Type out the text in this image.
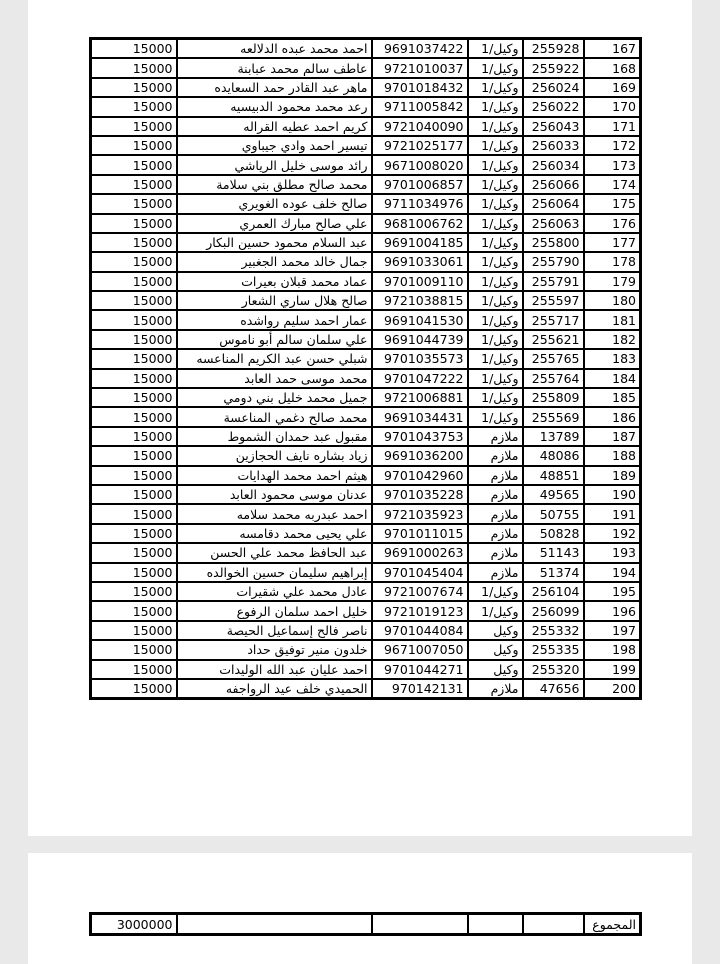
15000	احمد محمد عبده الدلالعه	9691037422	وكيل/1	255928	167
15000	عاطف سالم محمد عبابنة	9721010037	وكيل/1	255922	168
15000	ماهر عبد القادر حمد السعايده	9701018432	وكيل/1	256024	169
15000	رعد محمد محمود الدبيسيه	9711005842	وكيل/1	256022	170
15000	كريم احمد عطيه القراله	9721040090	وكيل/1	256043	171
15000	تيسير احمد وادي جيباوي	9721025177	وكيل/1	256033	172
15000	رائد موسى خليل الرياشي	9671008020	وكيل/1	256034	173
15000	محمد صالح مطلق بني سلامة	9701006857	وكيل/1	256066	174
15000	صالح خلف عوده الغويري	9711034976	وكيل/1	256064	175
15000	علي صالح مبارك العمري	9681006762	وكيل/1	256063	176
15000	عبد السلام محمود حسين البكار	9691004185	وكيل/1	255800	177
15000	جمال خالد محمد الجغبير	9691033061	وكيل/1	255790	178
15000	عماد محمد قبلان بعيرات	9701009110	وكيل/1	255791	179
15000	صالح هلال ساري الشعار	9721038815	وكيل/1	255597	180
15000	عمار احمد سليم رواشده	9691041530	وكيل/1	255717	181
15000	علي سلمان سالم أبو ناموس	9691044739	وكيل/1	255621	182
15000	شبلي حسن عبد الكريم المناعسه	9701035573	وكيل/1	255765	183
15000	محمد موسى حمد العابد	9701047222	وكيل/1	255764	184
15000	جميل محمد خليل بني دومي	9721006881	وكيل/1	255809	185
15000	محمد صالح دغمي المناعسة	9691034431	وكيل/1	255569	186
15000	مقبول عبد حمدان الشموط	9701043753	ملازم	13789	187
15000	زياد بشاره نايف الحجازين	9691036200	ملازم	48086	188
15000	هيثم احمد محمد الهدايات	9701042960	ملازم	48851	189
15000	عدنان موسى محمود العابد	9701035228	ملازم	49565	190
15000	احمد عبدربه محمد سلامه	9721035923	ملازم	50755	191
15000	علي يحيى محمد دقامسه	9701011015	ملازم	50828	192
15000	عبد الحافظ محمد علي الحسن	9691000263	ملازم	51143	193
15000	إبراهيم سليمان حسين الخوالده	9701045404	ملازم	51374	194
15000	عادل محمد علي شقيرات	9721007674	وكيل/1	256104	195
15000	خليل احمد سلمان الرفوع	9721019123	وكيل/1	256099	196
15000	ناصر فالح إسماعيل الحيصة	9701044084	وكيل	255332	197
15000	خلدون منير توفيق حداد	9671007050	وكيل	255335	198
15000	احمد عليان عبد الله الوليدات	9701044271	وكيل	255320	199
15000	الحميدي خلف عيد الرواجفه	970142131	ملازم	47656	200
3000000					المجموع
